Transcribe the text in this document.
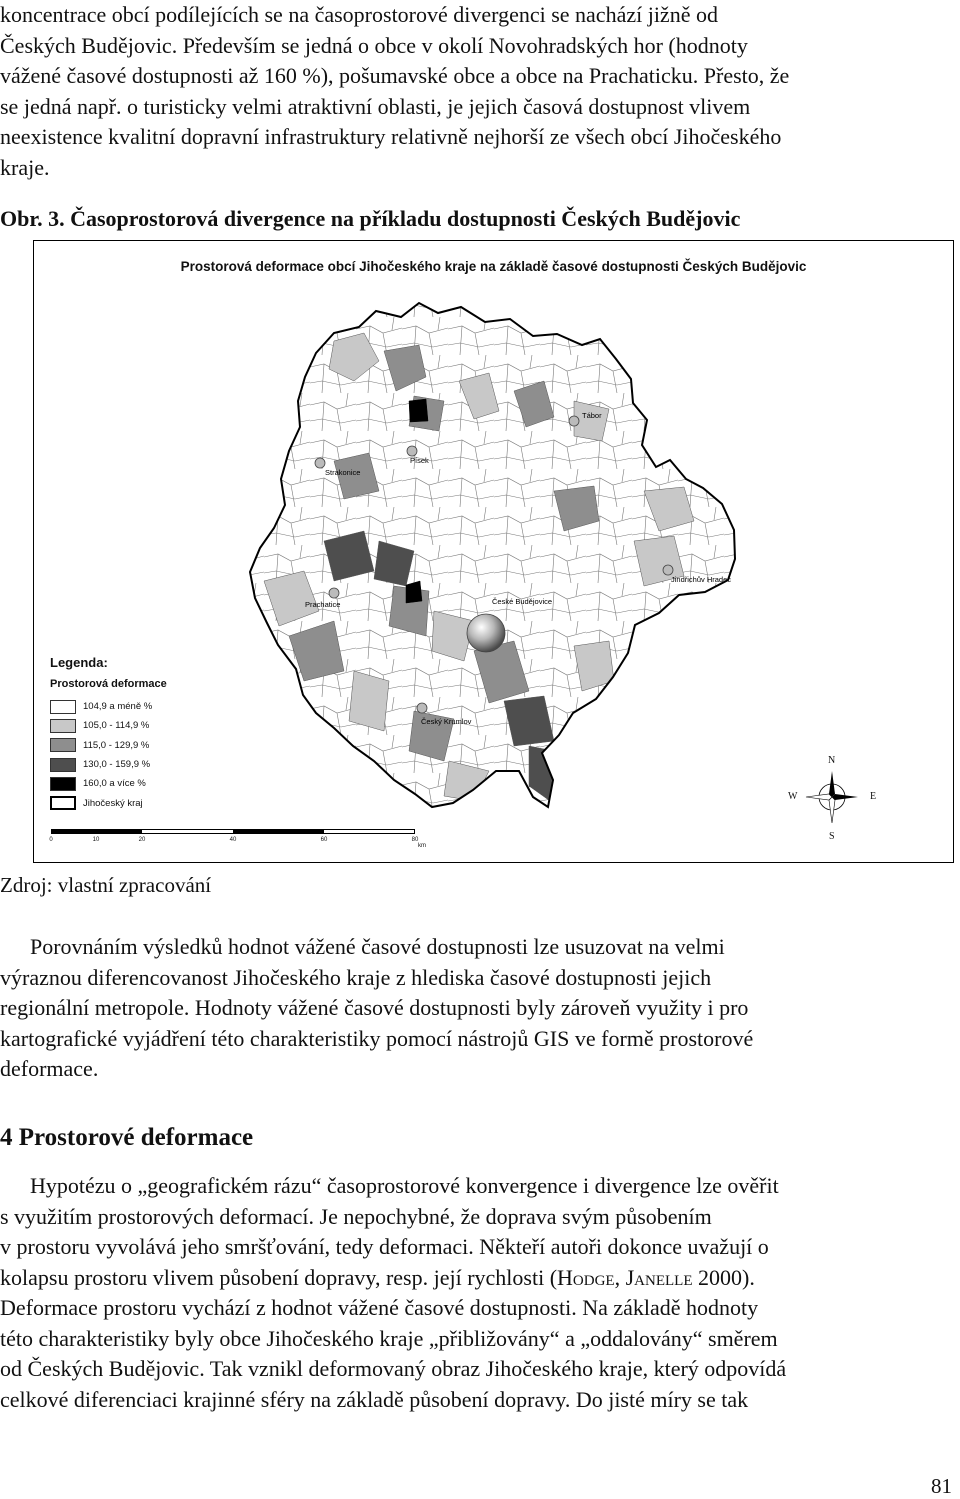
koncentrace obcí podílejících se na časoprostorové divergenci se nachází jižně od
Českých Budějovic. Především se jedná o obce v okolí Novohradských hor (hodnoty
vážené časové dostupnosti až 160 %), pošumavské obce a obce na Prachaticku. Přesto, že
se jedná např. o turisticky velmi atraktivní oblasti, je jejich časová dostupnost vlivem
neexistence kvalitní dopravní infrastruktury relativně nejhorší ze všech obcí Jihočeského
kraje.

Obr. 3. Časoprostorová divergence na příkladu dostupnosti Českých Budějovic

Prostorová deformace obcí Jihočeského kraje na základě časové dostupnosti Českých Budějovic
Tábor
Písek
Strakonice
Jindřichův Hradec
Prachatice	České Budějovice
Český Krumlov

Legenda:

Prostorová deformace

104,9 a méně %
105,0 - 114,9 %
115,0 - 129,9 %
130,0 - 159,9 %
160,0 a více %
Jihočeský kraj
N
S
E
W
0	10	20	40	60	80
km

Zdroj: vlastní zpracování

Porovnáním výsledků hodnot vážené časové dostupnosti lze usuzovat na velmi
výraznou diferencovanost Jihočeského kraje z hlediska časové dostupnosti jejich
regionální metropole. Hodnoty vážené časové dostupnosti byly zároveň využity i pro
kartografické vyjádření této charakteristiky pomocí nástrojů GIS ve formě prostorové
deformace.
4 Prostorové deformace
Hypotézu o „geografickém rázu“ časoprostorové konvergence i divergence lze ověřit
s využitím prostorových deformací. Je nepochybné, že doprava svým působením
v prostoru vyvolává jeho smršťování, tedy deformaci. Někteří autoři dokonce uvažují o
kolapsu prostoru vlivem působení dopravy, resp. její rychlosti (Hodge, Janelle 2000).
Deformace prostoru vychází z hodnot vážené časové dostupnosti. Na základě hodnoty
této charakteristiky byly obce Jihočeského kraje „přibližovány“ a „oddalovány“ směrem
od Českých Budějovic. Tak vznikl deformovaný obraz Jihočeského kraje, který odpovídá
celkové diferenciaci krajinné sféry na základě působení dopravy. Do jisté míry se tak
81
